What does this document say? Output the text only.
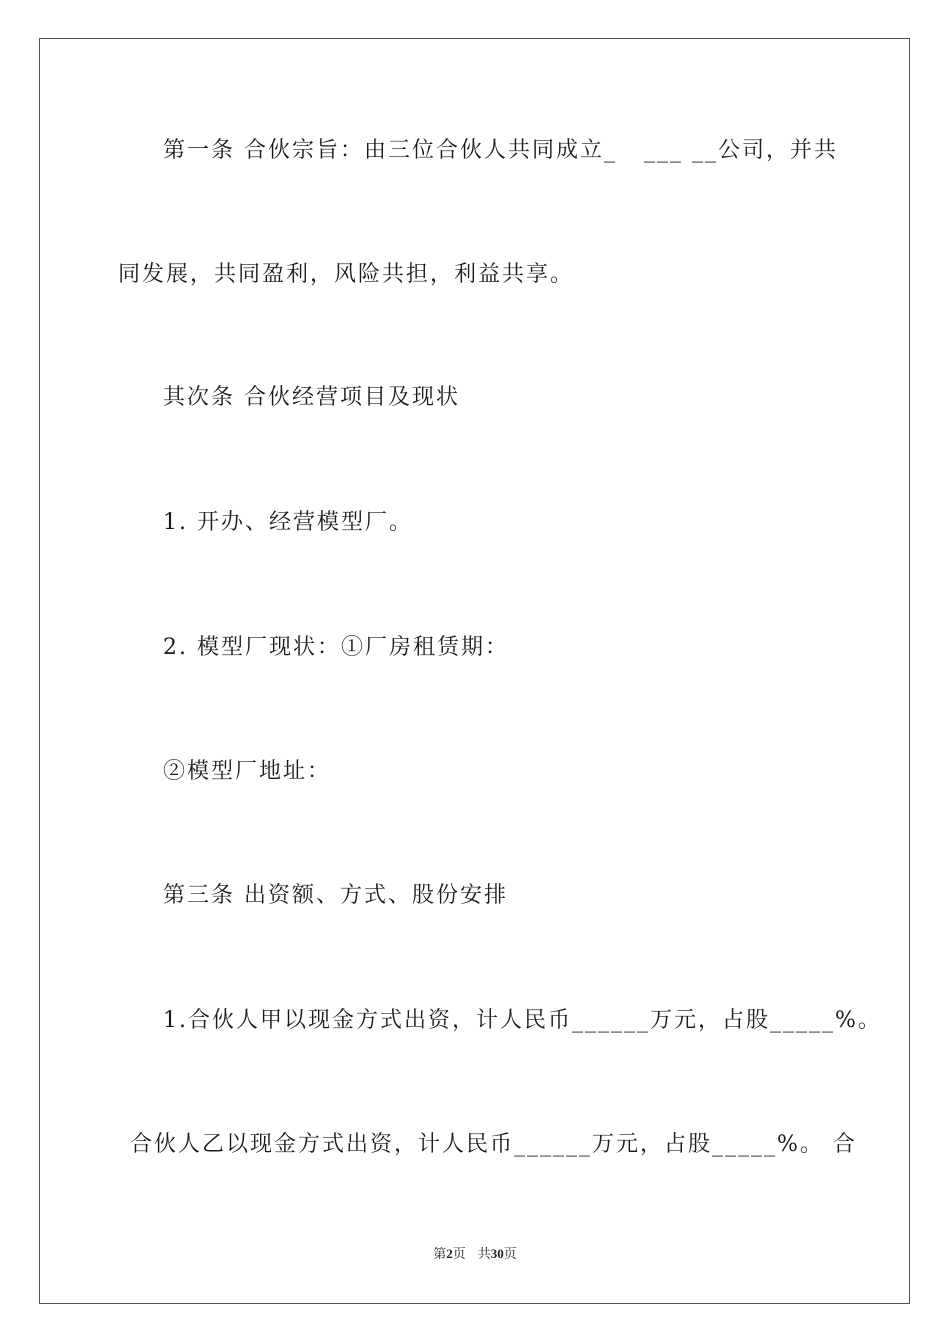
第一条 合伙宗旨：由三位合伙人共同成立_   ___ __公司，并共
同发展，共同盈利，风险共担，利益共享。
其次条 合伙经营项目及现状
1. 开办、经营模型厂。
2. 模型厂现状：①厂房租赁期：
②模型厂地址：
第三条 出资额、方式、股份安排
1.合伙人甲以现金方式出资，计人民币______万元，占股_____%。
合伙人乙以现金方式出资，计人民币______万元，占股_____%。 合
第2页 共30页
